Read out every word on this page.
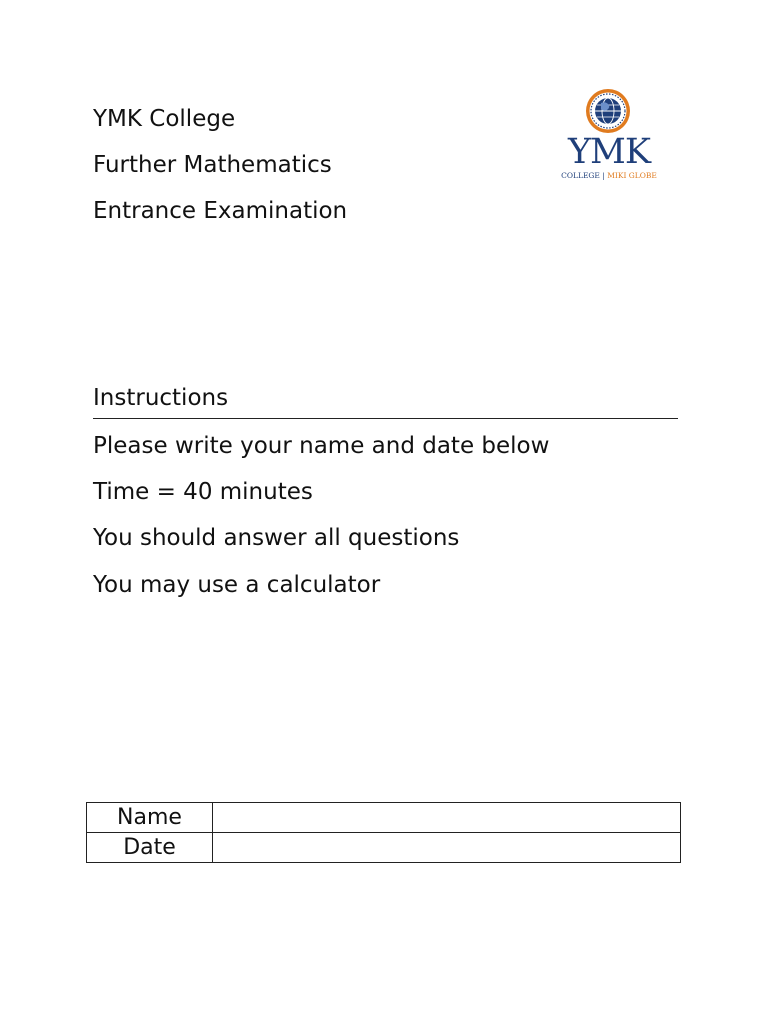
YMK College
Further Mathematics
Entrance Examination
YMK
COLLEGE | MIKI GLOBE
Instructions
Please write your name and date below
Time = 40 minutes
You should answer all questions
You may use a calculator
Name	
Date	
